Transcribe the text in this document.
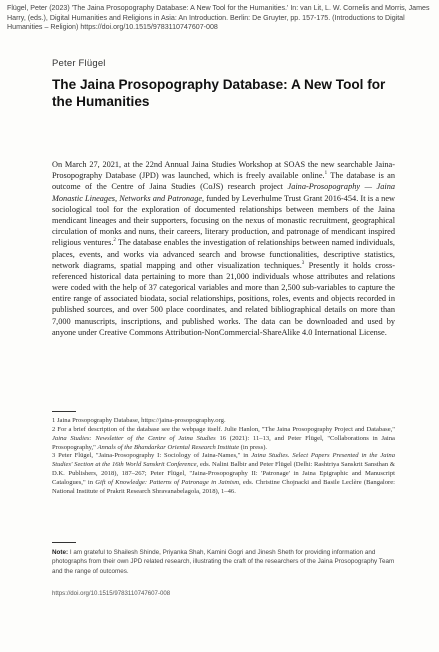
Flügel, Peter (2023) 'The Jaina Prosopography Database: A New Tool for the Humanities.' In: van Lit, L. W. Cornelis and Morris, James Harry, (eds.), Digital Humanities and Religions in Asia: An Introduction. Berlin: De Gruyter, pp. 157-175. (Introductions to Digital Humanities – Religion) https://doi.org/10.1515/9783110747607-008
Peter Flügel
The Jaina Prosopography Database: A New Tool for the Humanities

On March 27, 2021, at the 22nd Annual Jaina Studies Workshop at SOAS the new searchable Jaina-Prosopography Database (JPD) was launched, which is freely available online.$^1$ The database is an outcome of the Centre of Jaina Studies (CoJS) research project Jaina-Prosopography — Jaina Monastic Lineages, Networks and Patronage, funded by Leverhulme Trust Grant 2016-454. It is a new sociological tool for the exploration of documented relationships between members of the Jaina mendicant lineages and their supporters, focusing on the nexus of monastic recruitment, geographical circulation of monks and nuns, their careers, literary production, and patronage of mendicant inspired religious ventures.$^2$ The database enables the investigation of relationships between named individuals, places, events, and works via advanced search and browse functionalities, descriptive statistics, network diagrams, spatial mapping and other visualization techniques.$^3$ Presently it holds cross-referenced historical data pertaining to more than 21,000 individuals whose attributes and relations were coded with the help of 37 categorical variables and more than 2,500 sub-variables to capture the entire range of associated biodata, social relationships, positions, roles, events and objects recorded in published sources, and over 500 place coordinates, and related bibliographical details on more than 7,000 manuscripts, inscriptions, and published works. The data can be downloaded and used by anyone under Creative Commons Attribution-NonCommercial-ShareAlike 4.0 International License.

1 Jaina Prosopography Database, https://jaina-prosopography.org.

2 For a brief description of the database see the webpage itself. Julie Hanlon, "The Jaina Prosopography Project and Database," Jaina Studies: Newsletter of the Centre of Jaina Studies 16 (2021): 11–13, and Peter Flügel, "Collaborations in Jaina Prosopography," Annals of the Bhandarkar Oriental Research Institute (in press).

3 Peter Flügel, "Jaina-Prosopography I: Sociology of Jaina-Names," in Jaina Studies. Select Papers Presented in the Jaina Studies' Section at the 16th World Sanskrit Conference, eds. Nalini Balbir and Peter Flügel (Delhi: Rashtriya Sanskrit Sansthan & D.K. Publishers, 2018), 187–267; Peter Flügel, "Jaina-Prosopography II: 'Patronage' in Jaina Epigraphic and Manuscript Catalogues," in Gift of Knowledge: Patterns of Patronage in Jainism, eds. Christine Chojnacki and Basile Leclère (Bangalore: National Institute of Prakrit Research Shravanabelagola, 2018), 1–46.

Note: I am grateful to Shailesh Shinde, Priyanka Shah, Kamini Gogri and Jinesh Sheth for providing information and photographs from their own JPD related research, illustrating the craft of the researchers of the Jaina Prosopography Team and the range of outcomes.

https://doi.org/10.1515/9783110747607-008
